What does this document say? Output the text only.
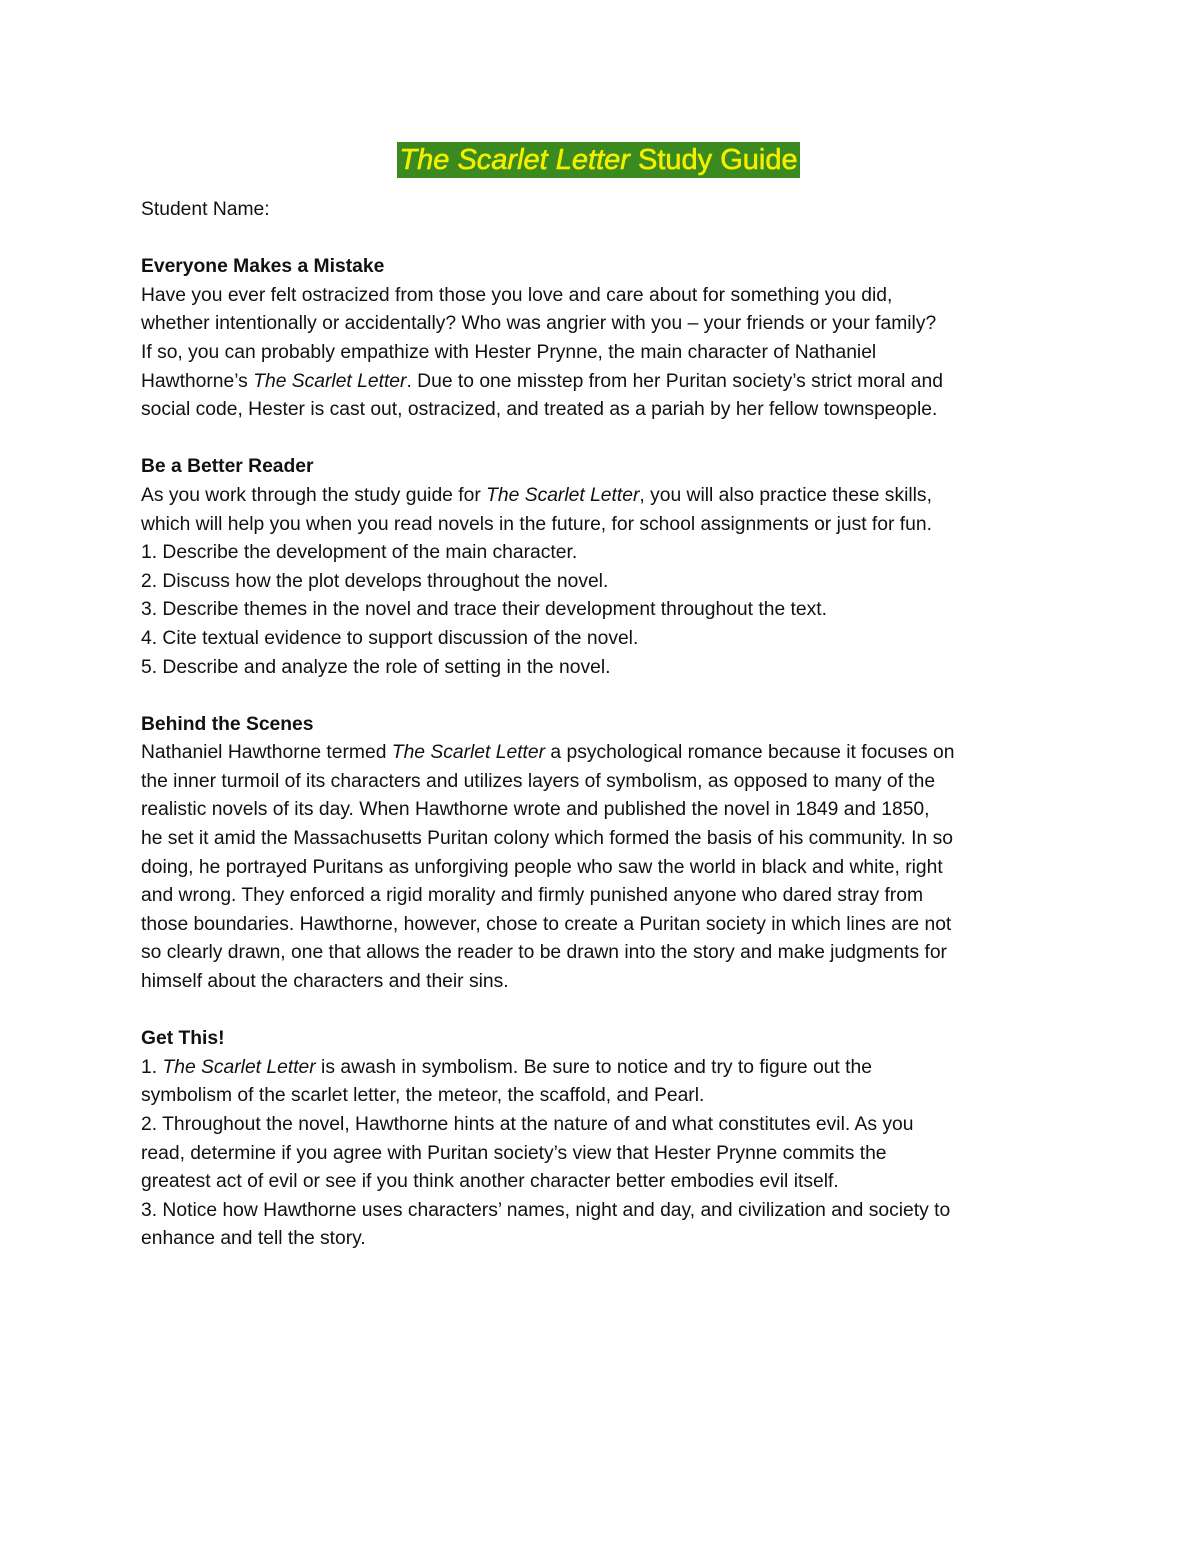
The Scarlet Letter Study Guide

Student Name:

Everyone Makes a Mistake

Have you ever felt ostracized from those you love and care about for something you did,
whether intentionally or accidentally? Who was angrier with you – your friends or your family?
If so, you can probably empathize with Hester Prynne, the main character of Nathaniel
Hawthorne’s The Scarlet Letter. Due to one misstep from her Puritan society’s strict moral and
social code, Hester is cast out, ostracized, and treated as a pariah by her fellow townspeople.

Be a Better Reader

As you work through the study guide for The Scarlet Letter, you will also practice these skills,
which will help you when you read novels in the future, for school assignments or just for fun.
1. Describe the development of the main character.
2. Discuss how the plot develops throughout the novel.
3. Describe themes in the novel and trace their development throughout the text.
4. Cite textual evidence to support discussion of the novel.
5. Describe and analyze the role of setting in the novel.

Behind the Scenes

Nathaniel Hawthorne termed The Scarlet Letter a psychological romance because it focuses on
the inner turmoil of its characters and utilizes layers of symbolism, as opposed to many of the
realistic novels of its day. When Hawthorne wrote and published the novel in 1849 and 1850,
he set it amid the Massachusetts Puritan colony which formed the basis of his community. In so
doing, he portrayed Puritans as unforgiving people who saw the world in black and white, right
and wrong. They enforced a rigid morality and firmly punished anyone who dared stray from
those boundaries. Hawthorne, however, chose to create a Puritan society in which lines are not
so clearly drawn, one that allows the reader to be drawn into the story and make judgments for
himself about the characters and their sins.

Get This!

1. The Scarlet Letter is awash in symbolism. Be sure to notice and try to figure out the
symbolism of the scarlet letter, the meteor, the scaffold, and Pearl.
2. Throughout the novel, Hawthorne hints at the nature of and what constitutes evil. As you
read, determine if you agree with Puritan society’s view that Hester Prynne commits the
greatest act of evil or see if you think another character better embodies evil itself.
3. Notice how Hawthorne uses characters’ names, night and day, and civilization and society to
enhance and tell the story.
